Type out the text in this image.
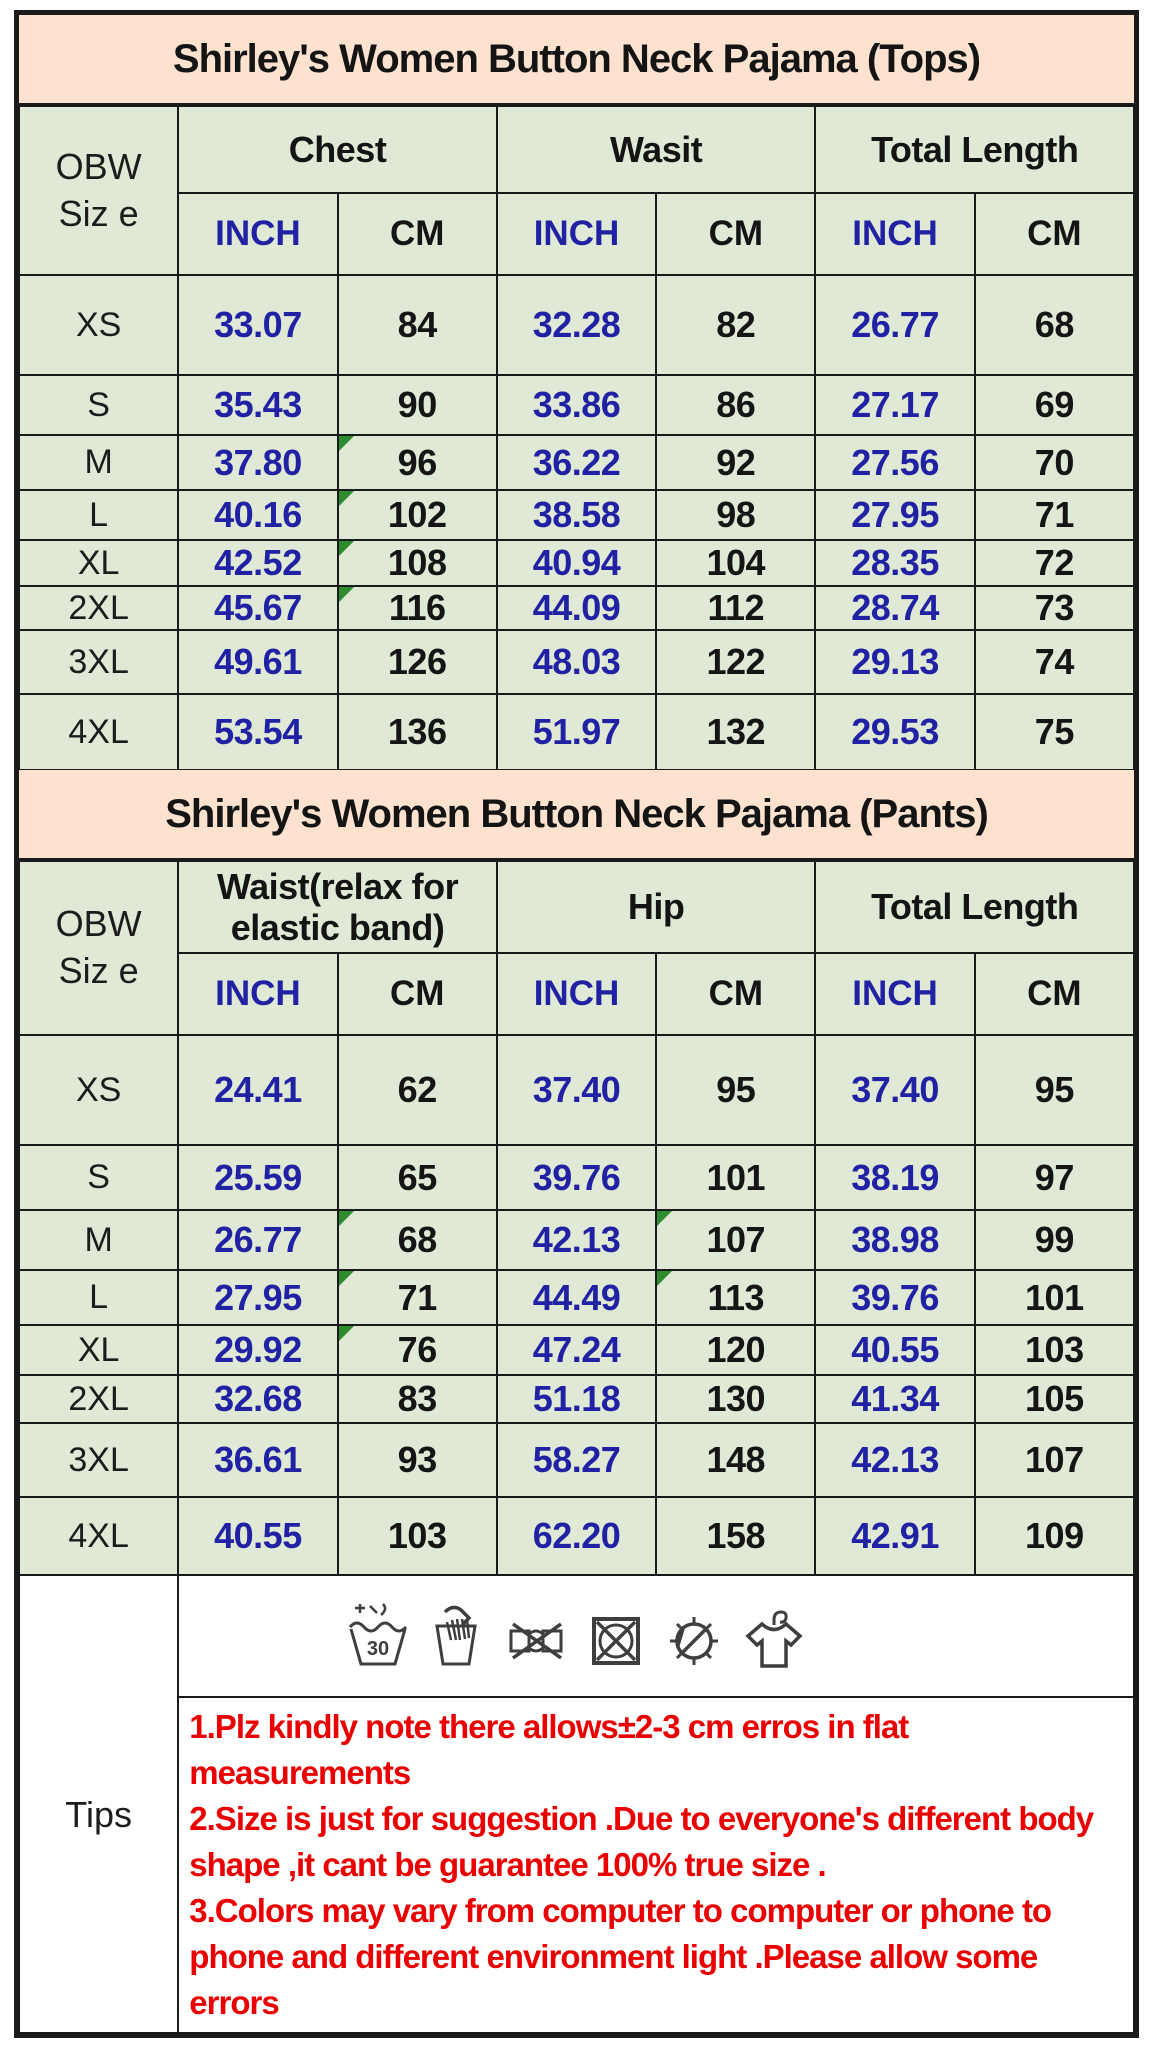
Shirley's Women Button Neck Pajama (Tops)
OBW
Siz e
Chest	Wasit	Total Length
INCH	CM	INCH	CM	INCH	CM
XS	33.07	84	32.28	82	26.77	68
S	35.43	90	33.86	86	27.17	69
M	37.80	96	36.22	92	27.56	70
L	40.16	102	38.58	98	27.95	71
XL	42.52	108	40.94	104	28.35	72
2XL	45.67	116	44.09	112	28.74	73
3XL	49.61	126	48.03	122	29.13	74
4XL	53.54	136	51.97	132	29.53	75
Shirley's Women Button Neck Pajama (Pants)
OBW
Siz e
Waist(relax for elastic band)
Hip	Total Length
INCH	CM	INCH	CM	INCH	CM
XS	24.41	62	37.40	95	37.40	95
S	25.59	65	39.76	101	38.19	97
M	26.77	68	42.13	107	38.98	99
L	27.95	71	44.49	113	39.76	101
XL	29.92	76	47.24	120	40.55	103
2XL	32.68	83	51.18	130	41.34	105
3XL	36.61	93	58.27	148	42.13	107
4XL	40.55	103	62.20	158	42.91	109
Tips
30

1.Plz kindly note there allows±2-3 cm erros in flat measurements

2.Size is just for suggestion .Due to everyone's different body shape ,it cant be guarantee 100% true size .

3.Colors may vary from computer to computer or phone to phone and different environment light .Please allow some errors
